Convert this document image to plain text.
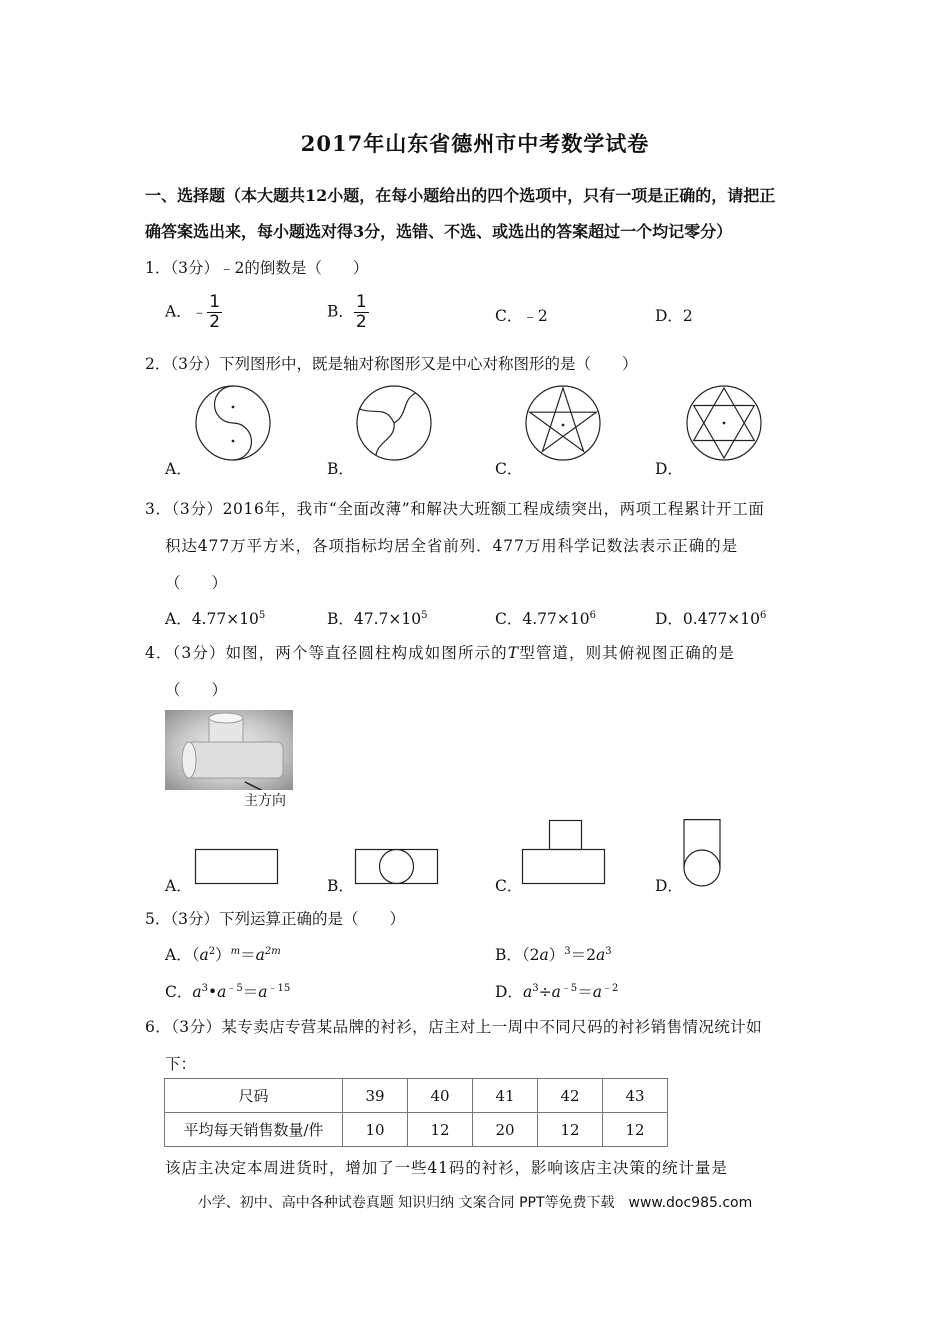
2017年山东省德州市中考数学试卷
一、选择题（本大题共12小题，在每小题给出的四个选项中，只有一项是正确的，请把正
确答案选出来，每小题选对得3分，选错、不选、或选出的答案超过一个均记零分）
1．（3分）﹣2的倒数是（　　）
A．﹣ $\frac{1}{2}$	B． $\frac{1}{2}$	C．﹣2	D．2
2．（3分）下列图形中，既是轴对称图形又是中心对称图形的是（　　）
A．	B．	C．	D．
3．（3分）2016年，我市“全面改薄”和解决大班额工程成绩突出，两项工程累计开工面
积达477万平方米，各项指标均居全省前列．477万用科学记数法表示正确的是
（　　）
A．$4.77\times 10^5$	B．$47.7\times 10^5$	C．$4.77\times 10^6$	D．$0.477\times 10^6$
4．（3分）如图，两个等直径圆柱构成如图所示的T型管道，则其俯视图正确的是
（　　）
主方向
A．	B．	C．	D．
5．（3分）下列运算正确的是（　　）
A．$(a^2)^m=a^{2m}$	B．$(2a)^3=2a^3$
C．$a^3•a^{﹣5}=a^{﹣15}$	D．$a^3\div a^{﹣5}=a^{﹣2}$
6．（3分）某专卖店专营某品牌的衬衫，店主对上一周中不同尺码的衬衫销售情况统计如
下：
尺码	39	40	41	42	43
平均每天销售数量/件	10	12	20	12	12
该店主决定本周进货时，增加了一些41码的衬衫，影响该店主决策的统计量是
小学、初中、高中各种试卷真题 知识归纳 文案合同 PPT等免费下载　www.doc985.com
